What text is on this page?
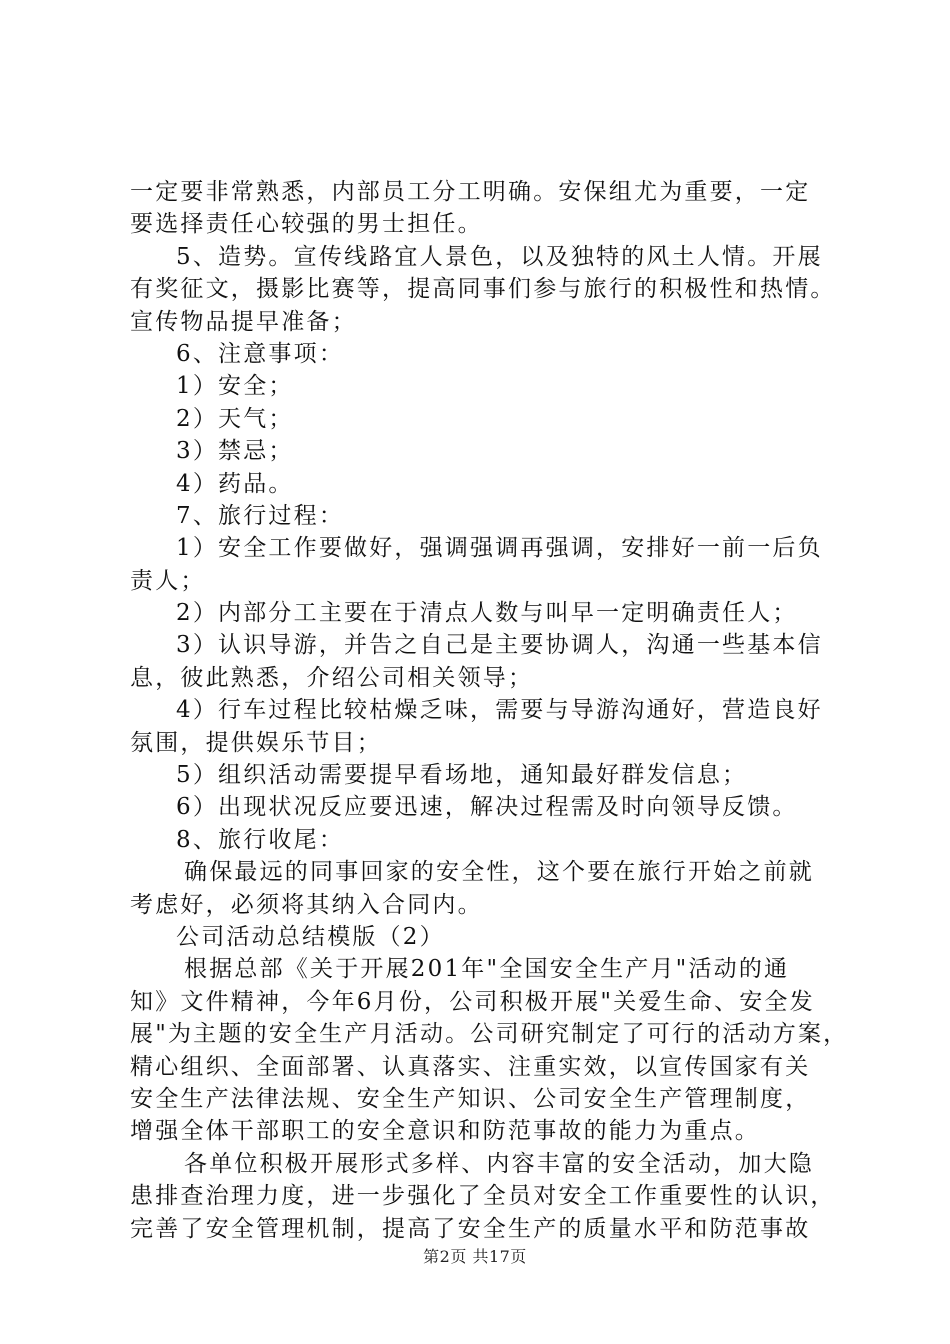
一定要非常熟悉，内部员工分工明确。安保组尤为重要，一定
要选择责任心较强的男士担任。
5、造势。宣传线路宜人景色，以及独特的风土人情。开展
有奖征文，摄影比赛等，提高同事们参与旅行的积极性和热情。
宣传物品提早准备；
6、注意事项：
1）安全；
2）天气；
3）禁忌；
4）药品。
7、旅行过程：
1）安全工作要做好，强调强调再强调，安排好一前一后负
责人；
2）内部分工主要在于清点人数与叫早一定明确责任人；
3）认识导游，并告之自己是主要协调人，沟通一些基本信
息，彼此熟悉，介绍公司相关领导；
4）行车过程比较枯燥乏味，需要与导游沟通好，营造良好
氛围，提供娱乐节目；
5）组织活动需要提早看场地，通知最好群发信息；
6）出现状况反应要迅速，解决过程需及时向领导反馈。
8、旅行收尾：
确保最远的同事回家的安全性，这个要在旅行开始之前就
考虑好，必须将其纳入合同内。
公司活动总结模版（2）
根据总部《关于开展201年"全国安全生产月"活动的通
知》文件精神，今年6月份，公司积极开展"关爱生命、安全发
展"为主题的安全生产月活动。公司研究制定了可行的活动方案，
精心组织、全面部署、认真落实、注重实效，以宣传国家有关
安全生产法律法规、安全生产知识、公司安全生产管理制度，
增强全体干部职工的安全意识和防范事故的能力为重点。
各单位积极开展形式多样、内容丰富的安全活动，加大隐
患排查治理力度，进一步强化了全员对安全工作重要性的认识，
完善了安全管理机制，提高了安全生产的质量水平和防范事故
第2页 共17页
